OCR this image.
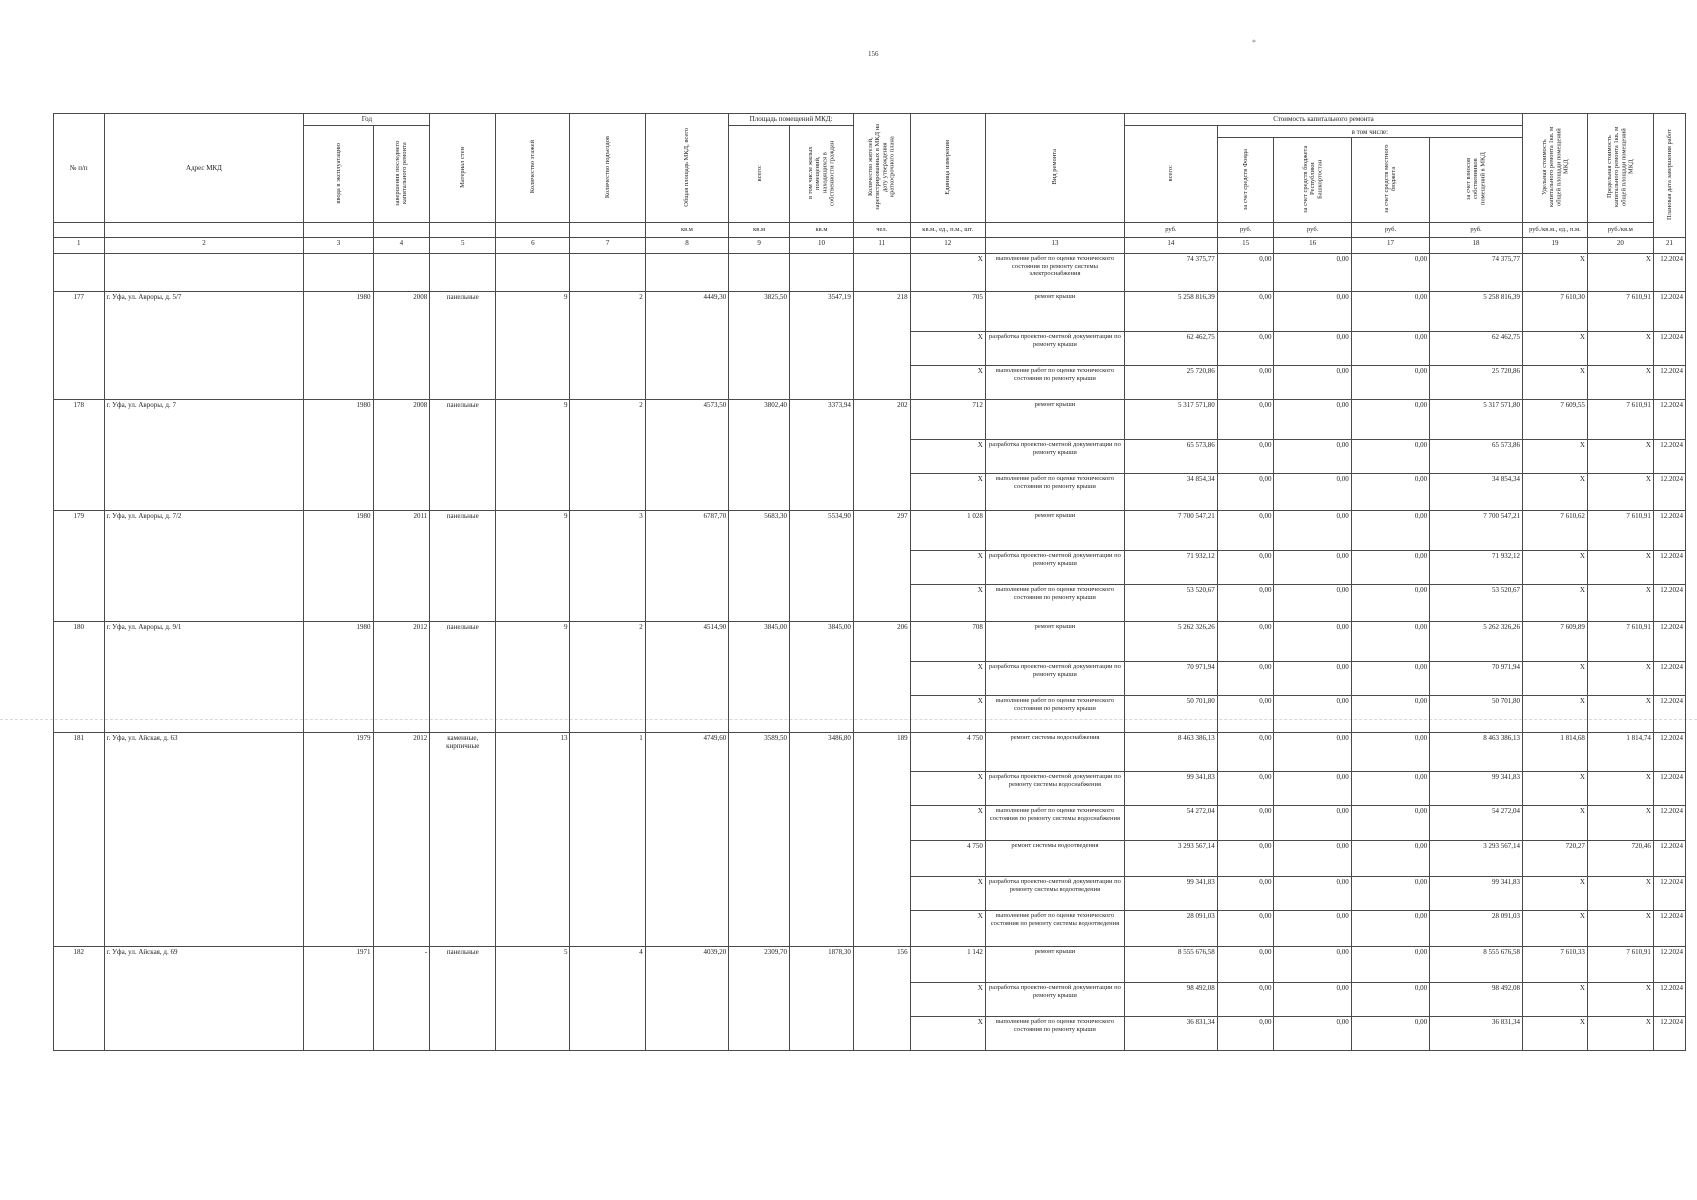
156
*
№ п/п	Адрес МКД	Год		Материал стен	Количество этажей	Количество подъездов	Общая площадь МКД, всего	Площадь помещений МКД:		Количество жителей, зарегистрированных в МКД на дату утверждения краткосрочного плана	Единица измерения	Вид ремонта	Стоимость капитального ремонта					Удельная стоимость капитального ремонта 1кв. м общей площади помещений МКД	Предельная стоимость капитального ремонта 1кв. м общей площади помещений МКД	Плановая дата завершения работ
		ввода в эксплуатацию	завершения последнего капитального ремонта					всего:	в том числе жилых помещений, находящихся в собственности граждан				всего:	в том числе:						
														за счет средств Фонда	за счет средств бюджета Республики Башкортостан	за счет средств местного бюджета	за счет взносов собственников помещений в МКД			
							кв.м	кв.м	кв.м	чел.	кв.м., ед., п.м., шт.		руб.	руб.	руб.	руб.	руб.	руб./кв.м., ед., п.м.	руб./кв.м	
1	2	3	4	5	6	7	8	9	10	11	12	13	14	15	16	17	18	19	20	21
											X	выполнение работ по оценке технического состояния по ремонту системы электроснабжения	74 375,77	0,00	0,00	0,00	74 375,77	X	X	12.2024
177	г. Уфа, ул. Авроры, д. 5/7	1980	2008	панельные	9	2	4449,30	3825,50	3547,19	218	705	ремонт крыши	5 258 816,39	0,00	0,00	0,00	5 258 816,39	7 610,30	7 610,91	12.2024
											X	разработка проектно-сметной документации по ремонту крыши	62 462,75	0,00	0,00	0,00	62 462,75	X	X	12.2024
											X	выполнение работ по оценке технического состояния по ремонту крыши	25 720,86	0,00	0,00	0,00	25 720,86	X	X	12.2024
178	г. Уфа, ул. Авроры, д. 7	1980	2008	панельные	9	2	4573,50	3802,40	3373,94	202	712	ремонт крыши	5 317 571,80	0,00	0,00	0,00	5 317 571,80	7 609,55	7 610,91	12.2024
											X	разработка проектно-сметной документации по ремонту крыши	65 573,86	0,00	0,00	0,00	65 573,86	X	X	12.2024
											X	выполнение работ по оценке технического состояния по ремонту крыши	34 854,34	0,00	0,00	0,00	34 854,34	X	X	12.2024
179	г. Уфа, ул. Авроры, д. 7/2	1980	2011	панельные	9	3	6787,70	5683,30	5534,90	297	1 028	ремонт крыши	7 700 547,21	0,00	0,00	0,00	7 700 547,21	7 610,62	7 610,91	12.2024
											X	разработка проектно-сметной документации по ремонту крыши	71 932,12	0,00	0,00	0,00	71 932,12	X	X	12.2024
											X	выполнение работ по оценке технического состояния по ремонту крыши	53 520,67	0,00	0,00	0,00	53 520,67	X	X	12.2024
180	г. Уфа, ул. Авроры, д. 9/1	1980	2012	панельные	9	2	4514,90	3845,00	3845,00	206	708	ремонт крыши	5 262 326,26	0,00	0,00	0,00	5 262 326,26	7 609,89	7 610,91	12.2024
											X	разработка проектно-сметной документации по ремонту крыши	70 971,94	0,00	0,00	0,00	70 971,94	X	X	12.2024
											X	выполнение работ по оценке технического состояния по ремонту крыши	50 701,80	0,00	0,00	0,00	50 701,80	X	X	12.2024
181	г. Уфа, ул. Айская, д. 63	1979	2012	каменные, кирпичные	13	1	4749,60	3589,50	3486,80	189	4 750	ремонт системы водоснабжения	8 463 386,13	0,00	0,00	0,00	8 463 386,13	1 814,68	1 814,74	12.2024
											X	разработка проектно-сметной документации по ремонту системы водоснабжения	99 341,83	0,00	0,00	0,00	99 341,83	X	X	12.2024
											X	выполнение работ по оценке технического состояния по ремонту системы водоснабжения	54 272,04	0,00	0,00	0,00	54 272,04	X	X	12.2024
											4 750	ремонт системы водоотведения	3 293 567,14	0,00	0,00	0,00	3 293 567,14	720,27	720,46	12.2024
											X	разработка проектно-сметной документации по ремонту системы водоотведения	99 341,83	0,00	0,00	0,00	99 341,83	X	X	12.2024
											X	выполнение работ по оценке технического состояния по ремонту системы водоотведения	28 091,03	0,00	0,00	0,00	28 091,03	X	X	12.2024
182	г. Уфа, ул. Айская, д. 69	1971	-	панельные	5	4	4039,20	2309,70	1878,30	156	1 142	ремонт крыши	8 555 676,58	0,00	0,00	0,00	8 555 676,58	7 610,33	7 610,91	12.2024
											X	разработка проектно-сметной документации по ремонту крыши	98 492,08	0,00	0,00	0,00	98 492,08	X	X	12.2024
											X	выполнение работ по оценке технического состояния по ремонту крыши	36 831,34	0,00	0,00	0,00	36 831,34	X	X	12.2024
